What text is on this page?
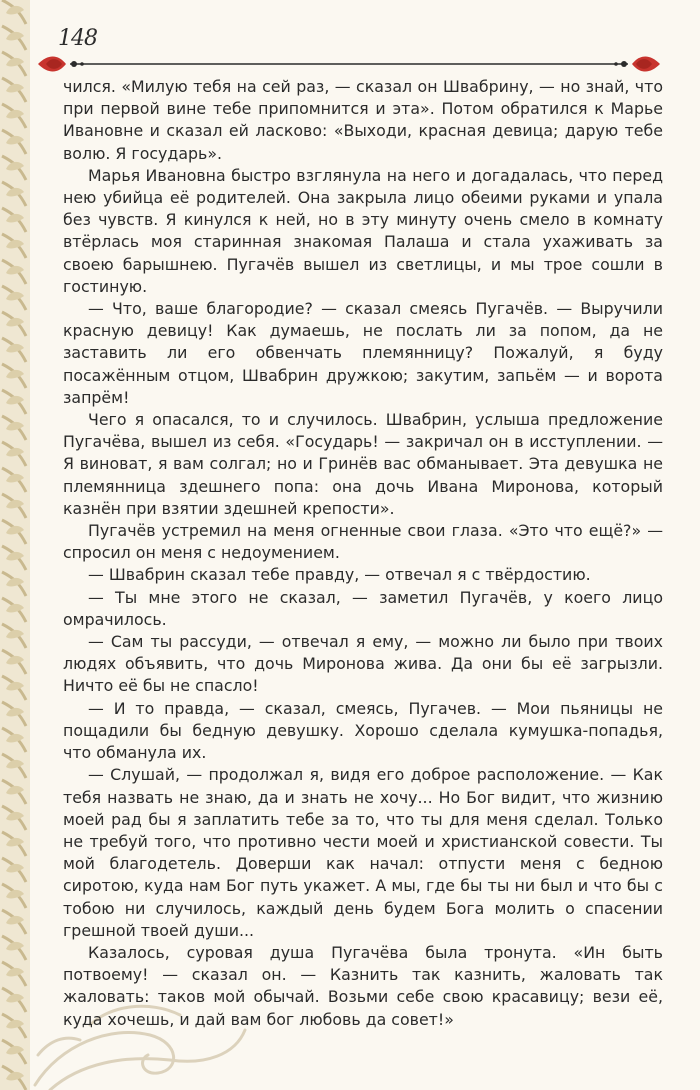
148

чился. «Милую тебя на сей раз, — сказал он Швабрину, — но знай, что при первой вине тебе припомнится и эта». Потом обратился к Марье Ивановне и сказал ей ласково: «Выходи, красная девица; дарую тебе волю. Я государь».

Марья Ивановна быстро взглянула на него и догадалась, что перед нею убийца её родителей. Она закрыла лицо обеими руками и упала без чувств. Я кинулся к ней, но в эту минуту очень смело в комнату втёрлась моя старинная знакомая Палаша и стала ухаживать за своею барышнею. Пугачёв вышел из светлицы, и мы трое сошли в гостиную.

— Что, ваше благородие? — сказал смеясь Пугачёв. — Выручили красную девицу! Как думаешь, не послать ли за попом, да не заставить ли его обвенчать племянницу? Пожалуй, я буду посажённым отцом, Швабрин дружкою; закутим, запьём — и ворота запрём!

Чего я опасался, то и случилось. Швабрин, услыша предложение Пугачёва, вышел из себя. «Государь! — закричал он в исступлении. — Я виноват, я вам солгал; но и Гринёв вас обманывает. Эта девушка не племянница здешнего попа: она дочь Ивана Миронова, который казнён при взятии здешней крепости».

Пугачёв устремил на меня огненные свои глаза. «Это что ещё?» — спросил он меня с недоумением.

— Швабрин сказал тебе правду, — отвечал я с твёрдостию.

— Ты мне этого не сказал, — заметил Пугачёв, у коего лицо омрачилось.

— Сам ты рассуди, — отвечал я ему, — можно ли было при твоих людях объявить, что дочь Миронова жива. Да они бы её загрызли. Ничто её бы не спасло!

— И то правда, — сказал, смеясь, Пугачев. — Мои пьяницы не пощадили бы бедную девушку. Хорошо сделала кумушка-попадья, что обманула их.

— Слушай, — продолжал я, видя его доброе расположение. — Как тебя назвать не знаю, да и знать не хочу... Но Бог видит, что жизнию моей рад бы я заплатить тебе за то, что ты для меня сделал. Только не требуй того, что противно чести моей и христианской совести. Ты мой благодетель. Доверши как начал: отпусти меня с бедною сиротою, куда нам Бог путь укажет. А мы, где бы ты ни был и что бы с тобою ни случилось, каждый день будем Бога молить о спасении грешной твоей души...

Казалось, суровая душа Пугачёва была тронута. «Ин быть потвоему! — сказал он. — Казнить так казнить, жаловать так жаловать: таков мой обычай. Возьми себе свою красавицу; вези её, куда хочешь, и дай вам бог любовь да совет!»
